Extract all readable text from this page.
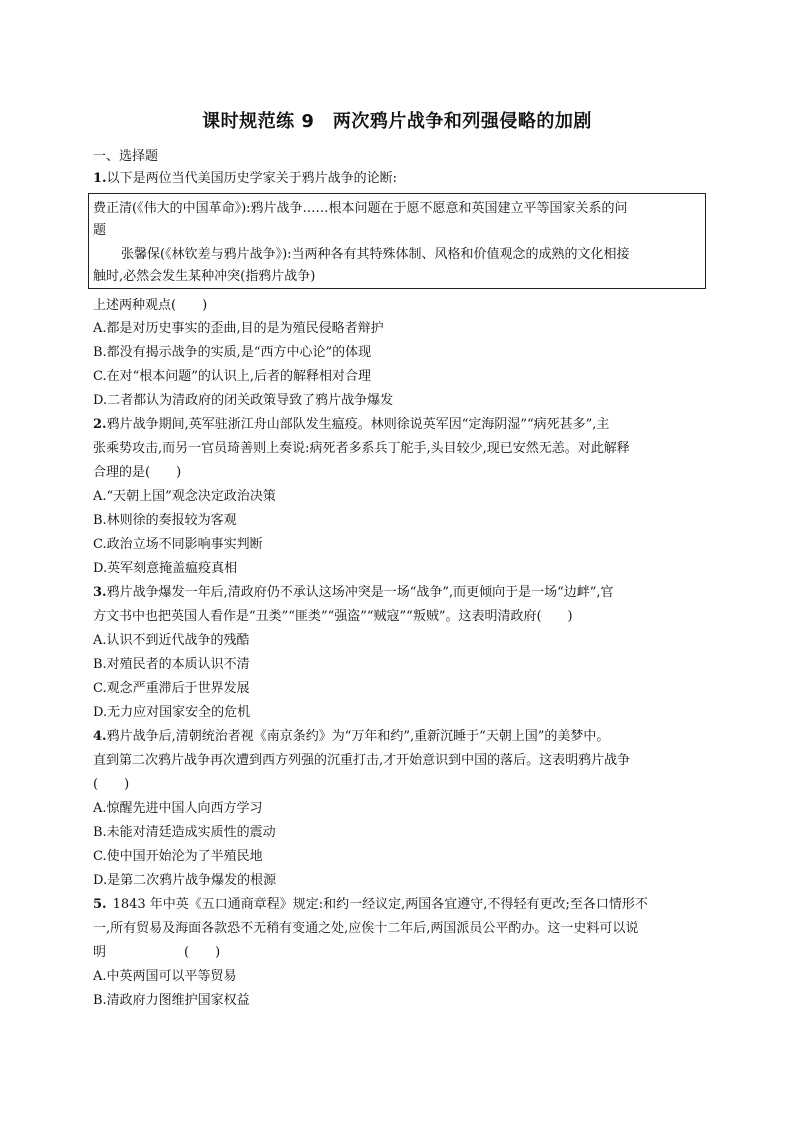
课时规范练 9　两次鸦片战争和列强侵略的加剧
一、选择题
1.以下是两位当代美国历史学家关于鸦片战争的论断:
费正清(《伟大的中国革命》):鸦片战争……根本问题在于愿不愿意和英国建立平等国家关系的问
题
张馨保(《林钦差与鸦片战争》):当两种各有其特殊体制、风格和价值观念的成熟的文化相接
触时,必然会发生某种冲突(指鸦片战争)
上述两种观点(　　)
A.都是对历史事实的歪曲,目的是为殖民侵略者辩护
B.都没有揭示战争的实质,是“西方中心论”的体现
C.在对“根本问题”的认识上,后者的解释相对合理
D.二者都认为清政府的闭关政策导致了鸦片战争爆发
2.鸦片战争期间,英军驻浙江舟山部队发生瘟疫。林则徐说英军因“定海阴湿”“病死甚多”,主
张乘势攻击,而另一官员琦善则上奏说:病死者多系兵丁舵手,头目较少,现已安然无恙。对此解释
合理的是(　　)
A.“天朝上国”观念决定政治决策
B.林则徐的奏报较为客观
C.政治立场不同影响事实判断
D.英军刻意掩盖瘟疫真相
3.鸦片战争爆发一年后,清政府仍不承认这场冲突是一场“战争”,而更倾向于是一场“边衅”,官
方文书中也把英国人看作是“丑类”“匪类”“强盗”“贼寇”“叛贼”。这表明清政府(　　)
A.认识不到近代战争的残酷
B.对殖民者的本质认识不清
C.观念严重滞后于世界发展
D.无力应对国家安全的危机
4.鸦片战争后,清朝统治者视《南京条约》为“万年和约”,重新沉睡于“天朝上国”的美梦中。
直到第二次鸦片战争再次遭到西方列强的沉重打击,才开始意识到中国的落后。这表明鸦片战争
(　　)
A.惊醒先进中国人向西方学习
B.未能对清廷造成实质性的震动
C.使中国开始沦为了半殖民地
D.是第二次鸦片战争爆发的根源
5. 1843 年中英《五口通商章程》规定:和约一经议定,两国各宜遵守,不得轻有更改;至各口情形不
一,所有贸易及海面各款恐不无稍有变通之处,应俟十二年后,两国派员公平酌办。这一史料可以说
明　　　　　　(　　)
A.中英两国可以平等贸易
B.清政府力图维护国家权益
